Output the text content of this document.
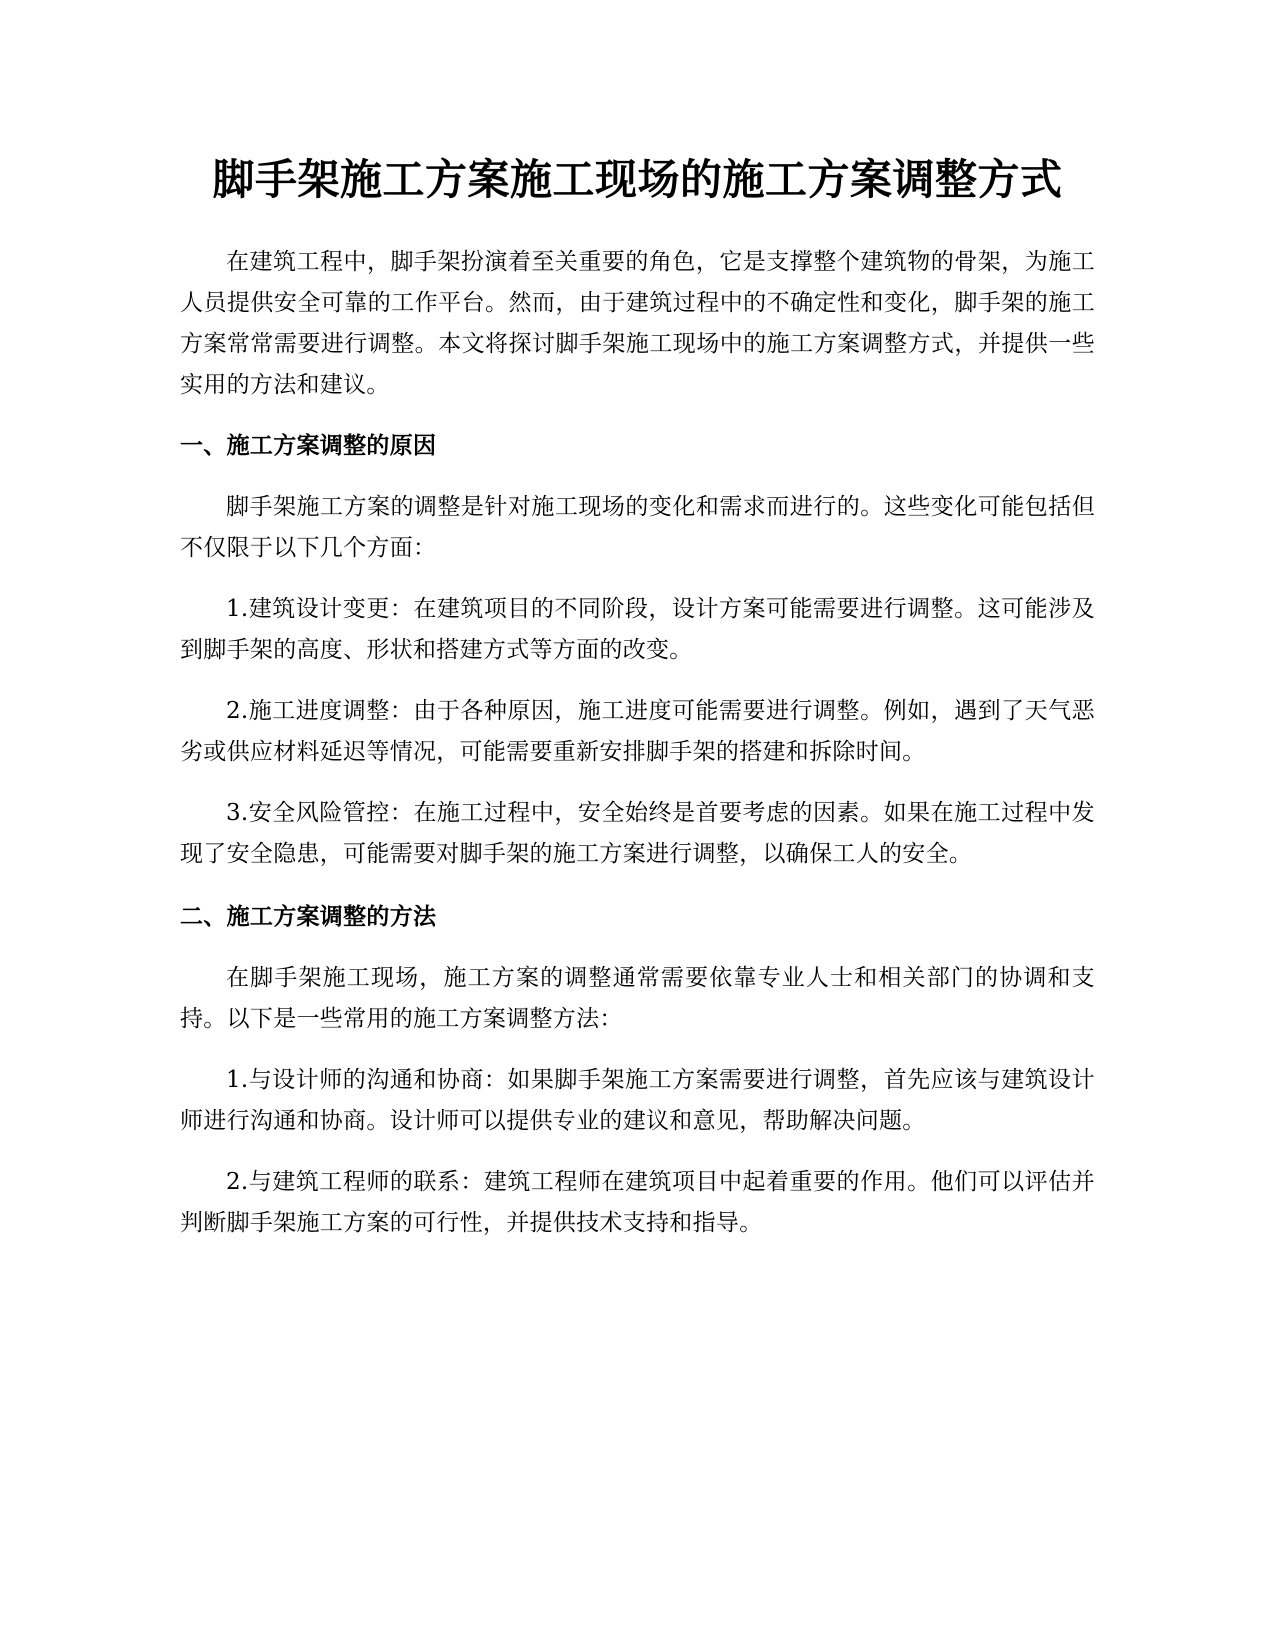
脚手架施工方案施工现场的施工方案调整方式

在建筑工程中，脚手架扮演着至关重要的角色，它是支撑整个建筑物的骨架，为施工人员提供安全可靠的工作平台。然而，由于建筑过程中的不确定性和变化，脚手架的施工方案常常需要进行调整。本文将探讨脚手架施工现场中的施工方案调整方式，并提供一些实用的方法和建议。

一、施工方案调整的原因

脚手架施工方案的调整是针对施工现场的变化和需求而进行的。这些变化可能包括但不仅限于以下几个方面：

1.建筑设计变更：在建筑项目的不同阶段，设计方案可能需要进行调整。这可能涉及到脚手架的高度、形状和搭建方式等方面的改变。

2.施工进度调整：由于各种原因，施工进度可能需要进行调整。例如，遇到了天气恶劣或供应材料延迟等情况，可能需要重新安排脚手架的搭建和拆除时间。

3.安全风险管控：在施工过程中，安全始终是首要考虑的因素。如果在施工过程中发现了安全隐患，可能需要对脚手架的施工方案进行调整，以确保工人的安全。

二、施工方案调整的方法

在脚手架施工现场，施工方案的调整通常需要依靠专业人士和相关部门的协调和支持。以下是一些常用的施工方案调整方法：

1.与设计师的沟通和协商：如果脚手架施工方案需要进行调整，首先应该与建筑设计师进行沟通和协商。设计师可以提供专业的建议和意见，帮助解决问题。

2.与建筑工程师的联系：建筑工程师在建筑项目中起着重要的作用。他们可以评估并判断脚手架施工方案的可行性，并提供技术支持和指导。
